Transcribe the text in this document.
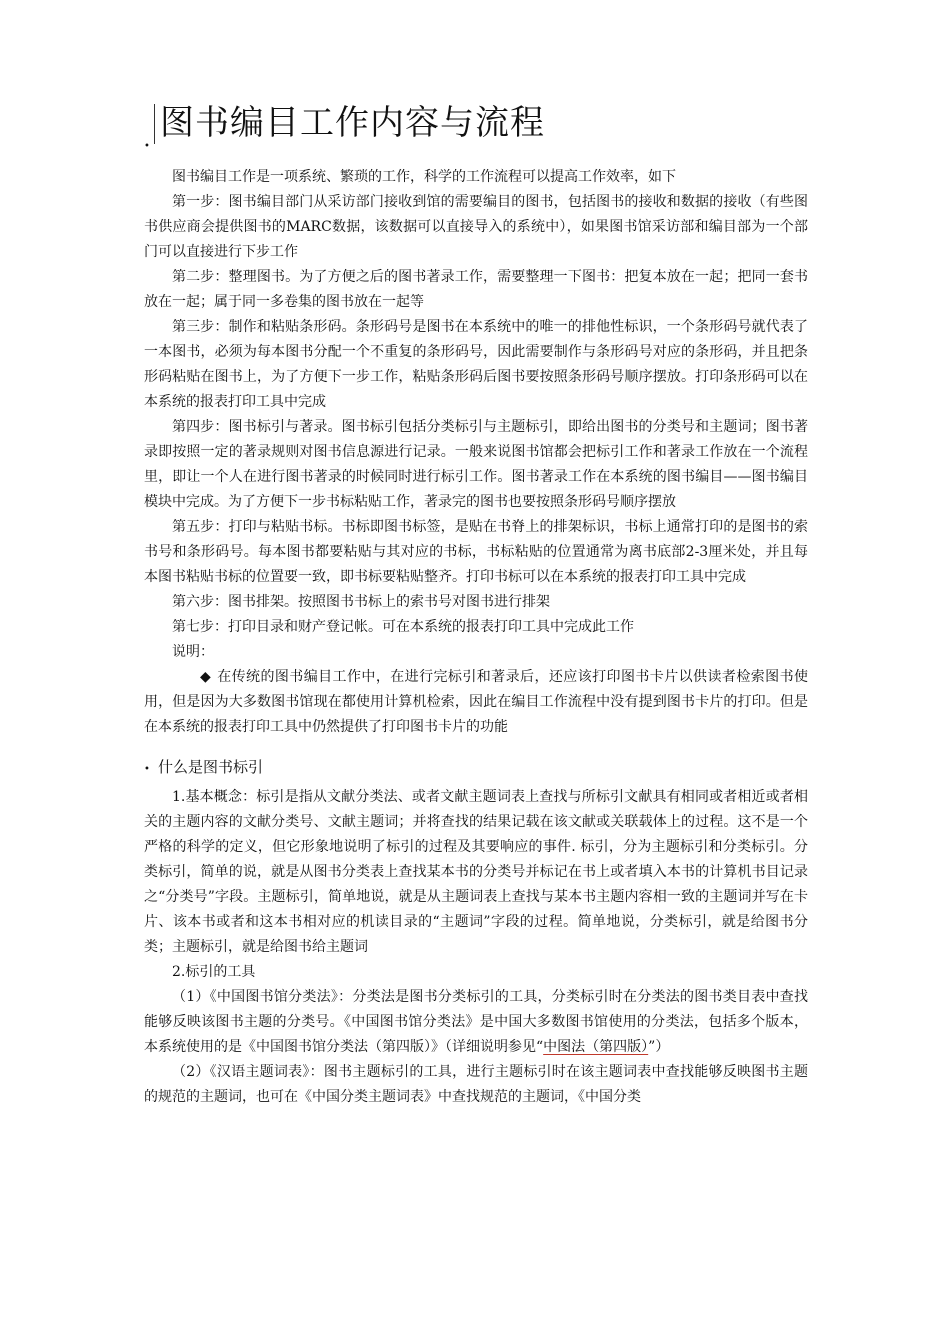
•
图书编目工作内容与流程

图书编目工作是一项系统、繁琐的工作，科学的工作流程可以提高工作效率，如下

第一步：图书编目部门从采访部门接收到馆的需要编目的图书，包括图书的接收和数据的接收（有些图书供应商会提供图书的MARC数据，该数据可以直接导入的系统中），如果图书馆采访部和编目部为一个部门可以直接进行下步工作

第二步：整理图书。为了方便之后的图书著录工作，需要整理一下图书：把复本放在一起；把同一套书放在一起；属于同一多卷集的图书放在一起等

第三步：制作和粘贴条形码。条形码号是图书在本系统中的唯一的排他性标识，一个条形码号就代表了一本图书，必须为每本图书分配一个不重复的条形码号，因此需要制作与条形码号对应的条形码，并且把条形码粘贴在图书上，为了方便下一步工作，粘贴条形码后图书要按照条形码号顺序摆放。打印条形码可以在本系统的报表打印工具中完成

第四步：图书标引与著录。图书标引包括分类标引与主题标引，即给出图书的分类号和主题词；图书著录即按照一定的著录规则对图书信息源进行记录。一般来说图书馆都会把标引工作和著录工作放在一个流程里，即让一个人在进行图书著录的时候同时进行标引工作。图书著录工作在本系统的图书编目——图书编目模块中完成。为了方便下一步书标粘贴工作，著录完的图书也要按照条形码号顺序摆放

第五步：打印与粘贴书标。书标即图书标签，是贴在书脊上的排架标识，书标上通常打印的是图书的索书号和条形码号。每本图书都要粘贴与其对应的书标，书标粘贴的位置通常为离书底部2-3厘米处，并且每本图书粘贴书标的位置要一致，即书标要粘贴整齐。打印书标可以在本系统的报表打印工具中完成

第六步：图书排架。按照图书书标上的索书号对图书进行排架

第七步：打印目录和财产登记帐。可在本系统的报表打印工具中完成此工作

说明：

◆ 在传统的图书编目工作中，在进行完标引和著录后，还应该打印图书卡片以供读者检索图书使用，但是因为大多数图书馆现在都使用计算机检索，因此在编目工作流程中没有提到图书卡片的打印。但是在本系统的报表打印工具中仍然提供了打印图书卡片的功能

• 什么是图书标引

1.基本概念：标引是指从文献分类法、或者文献主题词表上查找与所标引文献具有相同或者相近或者相关的主题内容的文献分类号、文献主题词；并将查找的结果记载在该文献或关联载体上的过程。这不是一个严格的科学的定义，但它形象地说明了标引的过程及其要响应的事件. 标引，分为主题标引和分类标引。分类标引，简单的说，就是从图书分类表上查找某本书的分类号并标记在书上或者填入本书的计算机书目记录之“分类号”字段。主题标引，简单地说，就是从主题词表上查找与某本书主题内容相一致的主题词并写在卡片、该本书或者和这本书相对应的机读目录的“主题词”字段的过程。简单地说，分类标引，就是给图书分类；主题标引，就是给图书给主题词

2.标引的工具

（1）《中国图书馆分类法》：分类法是图书分类标引的工具，分类标引时在分类法的图书类目表中查找能够反映该图书主题的分类号。《中国图书馆分类法》是中国大多数图书馆使用的分类法，包括多个版本，本系统使用的是《中国图书馆分类法（第四版）》（详细说明参见“中图法（第四版）”）

（2）《汉语主题词表》：图书主题标引的工具，进行主题标引时在该主题词表中查找能够反映图书主题的规范的主题词，也可在《中国分类主题词表》中查找规范的主题词，《中国分类
